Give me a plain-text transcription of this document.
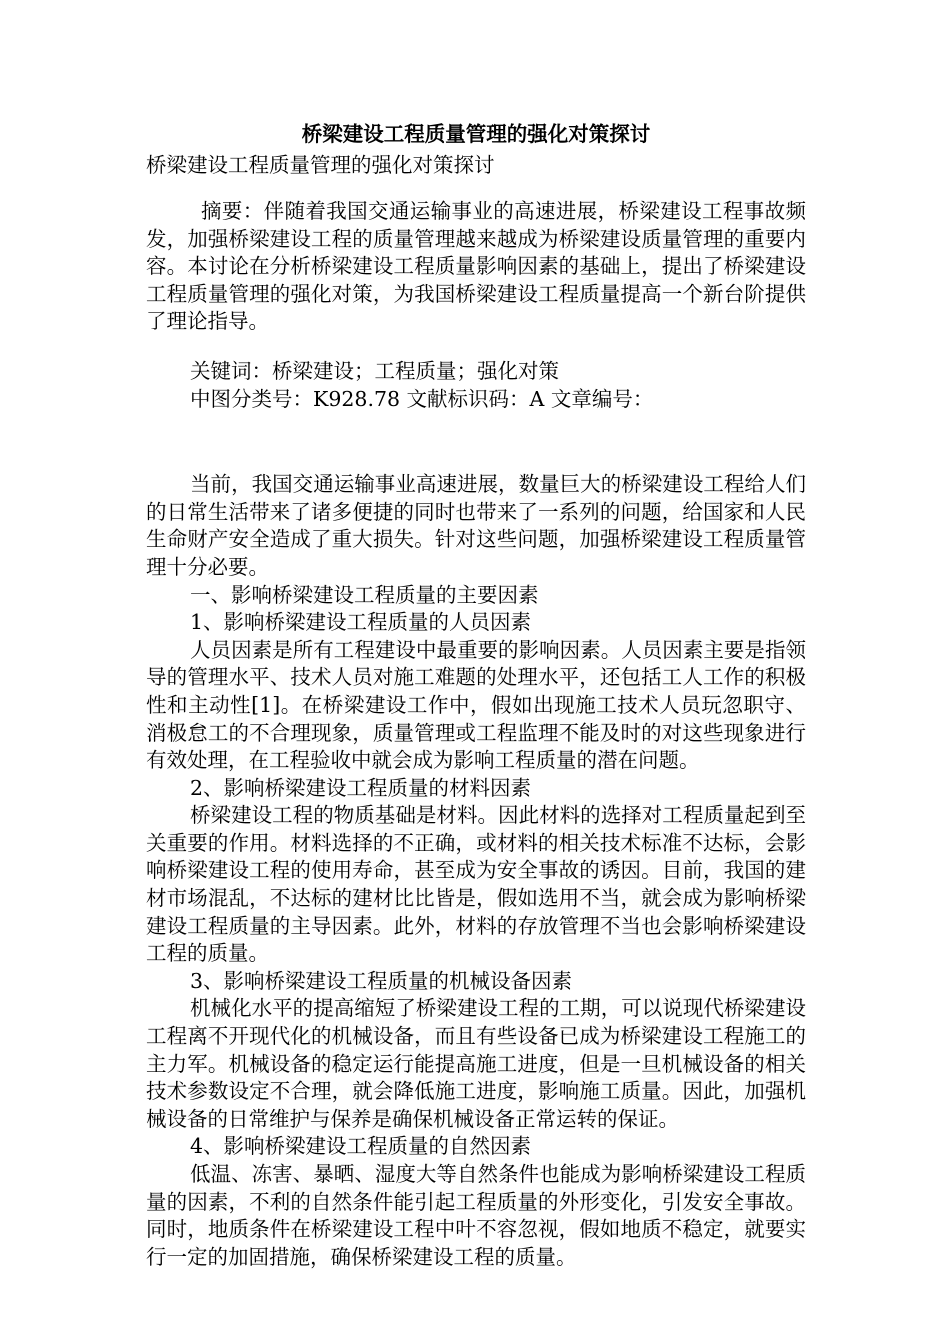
桥梁建设工程质量管理的强化对策探讨

桥梁建设工程质量管理的强化对策探讨

摘要：伴随着我国交通运输事业的高速进展，桥梁建设工程事故频发，加强桥梁建设工程的质量管理越来越成为桥梁建设质量管理的重要内容。本讨论在分析桥梁建设工程质量影响因素的基础上，提出了桥梁建设工程质量管理的强化对策，为我国桥梁建设工程质量提高一个新台阶提供了理论指导。

关键词：桥梁建设；工程质量；强化对策

中图分类号：K928.78 文献标识码：A 文章编号：

当前，我国交通运输事业高速进展，数量巨大的桥梁建设工程给人们的日常生活带来了诸多便捷的同时也带来了一系列的问题，给国家和人民生命财产安全造成了重大损失。针对这些问题，加强桥梁建设工程质量管理十分必要。

一、影响桥梁建设工程质量的主要因素

1、影响桥梁建设工程质量的人员因素

人员因素是所有工程建设中最重要的影响因素。人员因素主要是指领导的管理水平、技术人员对施工难题的处理水平，还包括工人工作的积极性和主动性[1]。在桥梁建设工作中，假如出现施工技术人员玩忽职守、消极怠工的不合理现象，质量管理或工程监理不能及时的对这些现象进行有效处理，在工程验收中就会成为影响工程质量的潜在问题。

2、影响桥梁建设工程质量的材料因素

桥梁建设工程的物质基础是材料。因此材料的选择对工程质量起到至关重要的作用。材料选择的不正确，或材料的相关技术标准不达标，会影响桥梁建设工程的使用寿命，甚至成为安全事故的诱因。目前，我国的建材市场混乱，不达标的建材比比皆是，假如选用不当，就会成为影响桥梁建设工程质量的主导因素。此外，材料的存放管理不当也会影响桥梁建设工程的质量。

3、影响桥梁建设工程质量的机械设备因素

机械化水平的提高缩短了桥梁建设工程的工期，可以说现代桥梁建设工程离不开现代化的机械设备，而且有些设备已成为桥梁建设工程施工的主力军。机械设备的稳定运行能提高施工进度，但是一旦机械设备的相关技术参数设定不合理，就会降低施工进度，影响施工质量。因此，加强机械设备的日常维护与保养是确保机械设备正常运转的保证。

4、影响桥梁建设工程质量的自然因素

低温、冻害、暴晒、湿度大等自然条件也能成为影响桥梁建设工程质量的因素，不利的自然条件能引起工程质量的外形变化，引发安全事故。同时，地质条件在桥梁建设工程中叶不容忽视，假如地质不稳定，就要实行一定的加固措施，确保桥梁建设工程的质量。
